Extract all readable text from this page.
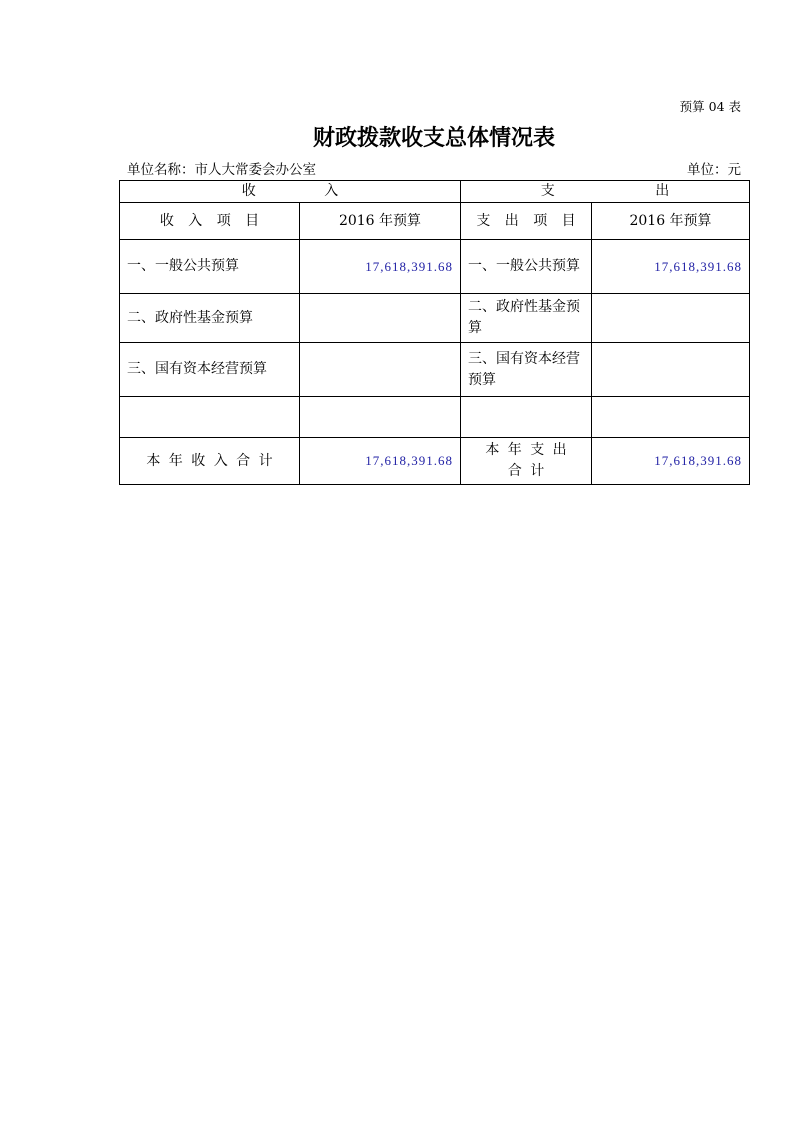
预算 04 表
财政拨款收支总体情况表
单位名称：市人大常委会办公室	单位：元
收 入		支 出	
收 入 项 目	2016 年预算	支 出 项 目	2016 年预算
一、一般公共预算	17,618,391.68	一、一般公共预算	17,618,391.68
二、政府性基金预算		二、政府性基金预算	
三、国有资本经营预算		三、国有资本经营预算	

本 年 收 入 合 计	17,618,391.68	本 年 支 出 合 计	17,618,391.68
